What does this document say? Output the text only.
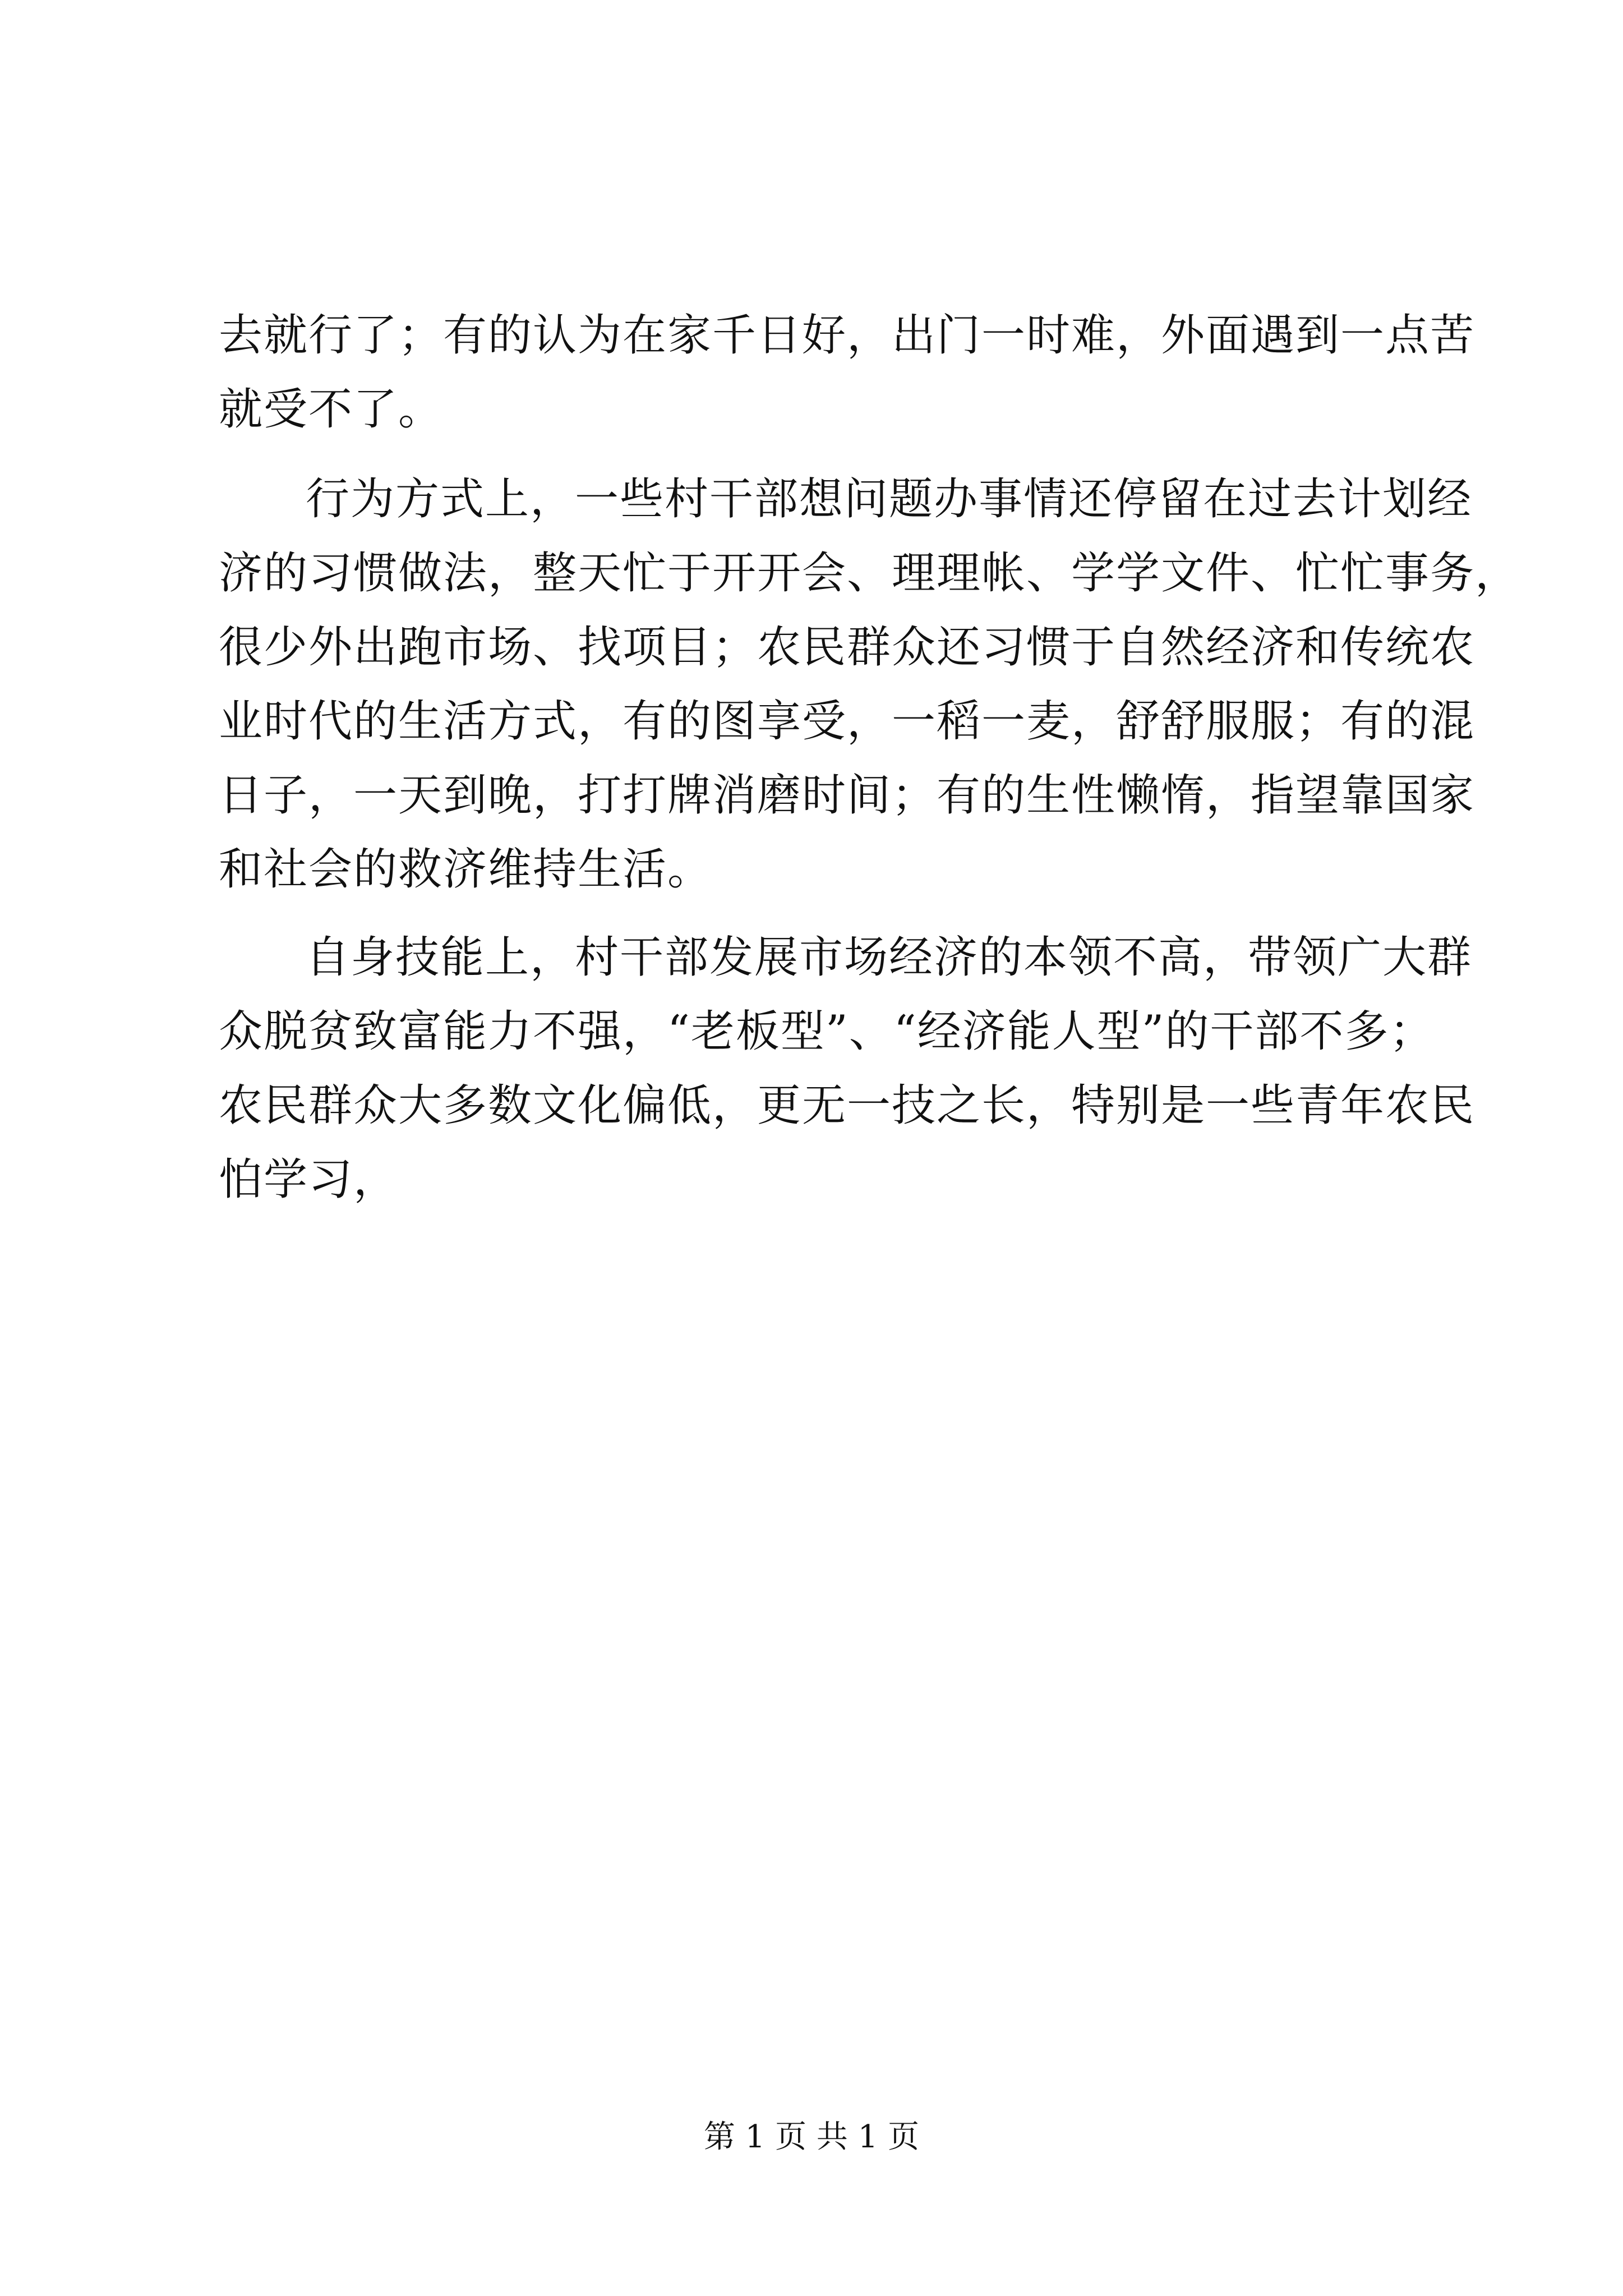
去就行了；有的认为在家千日好，出门一时难，外面遇到一点苦
就受不了。
行为方式上，一些村干部想问题办事情还停留在过去计划经
济的习惯做法，整天忙于开开会、理理帐、学学文件、忙忙事务，
很少外出跑市场、找项目；农民群众还习惯于自然经济和传统农
业时代的生活方式，有的图享受，一稻一麦，舒舒服服；有的混
日子，一天到晚，打打牌消磨时间；有的生性懒惰，指望靠国家
和社会的救济维持生活。
自身技能上，村干部发展市场经济的本领不高，带领广大群
众脱贫致富能力不强，“老板型”、“经济能人型”的干部不多；
农民群众大多数文化偏低，更无一技之长，特别是一些青年农民
怕学习，
第 1 页 共 1 页
